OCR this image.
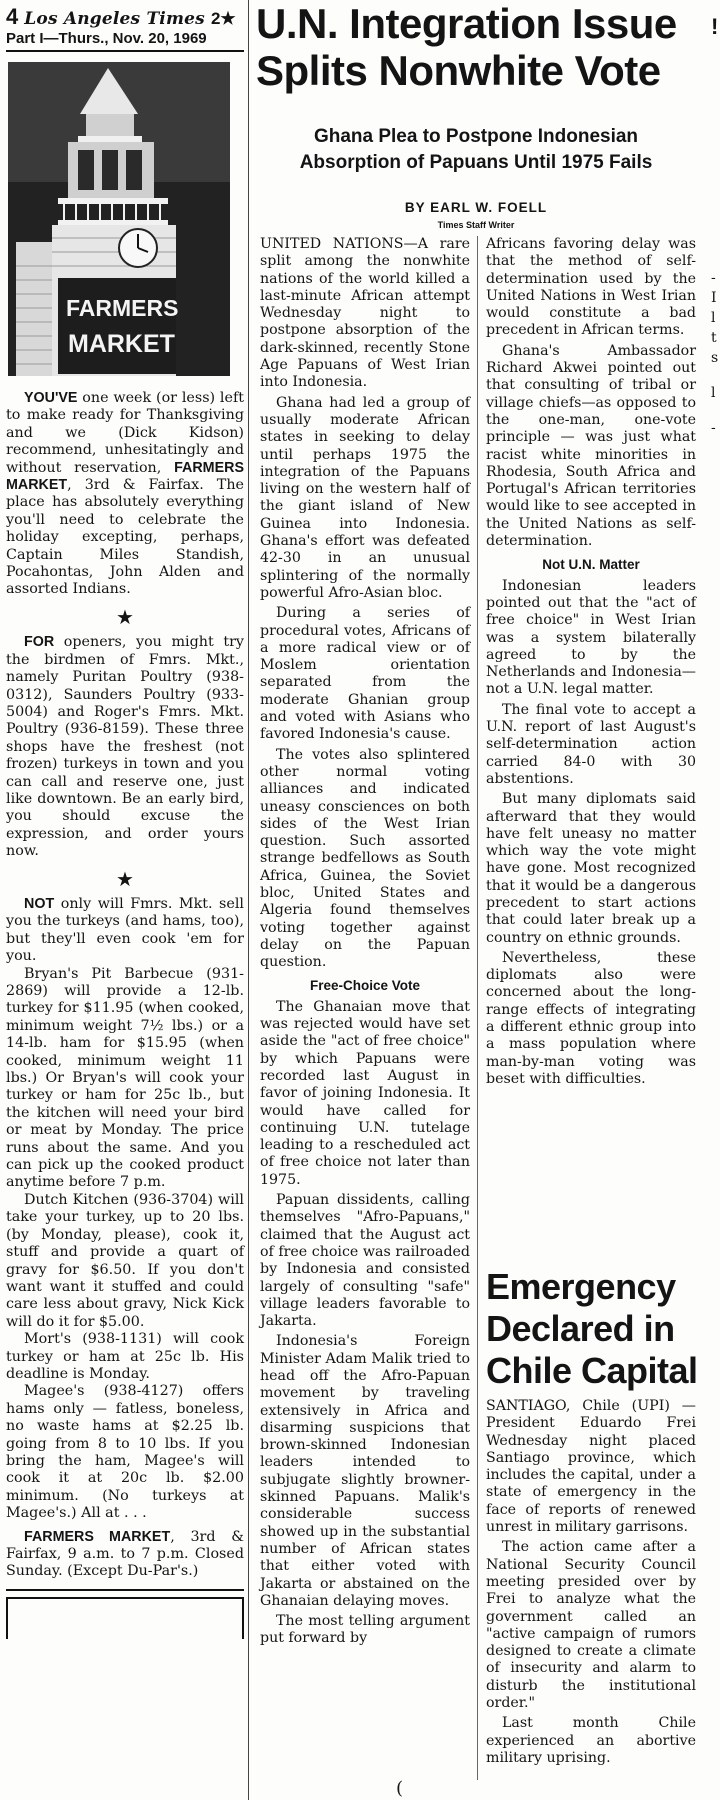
4 Los Angeles Times 2★
Part I—Thurs., Nov. 20, 1969
FARMERS
MARKET

YOU'VE one week (or less) left to make ready for Thanksgiving and we (Dick Kidson) recommend, unhesitatingly and without reservation, FARMERS MARKET, 3rd & Fairfax. The place has absolutely everything you'll need to celebrate the holiday excepting, perhaps, Captain Miles Standish, Pocahontas, John Alden and assorted Indians.

★

FOR openers, you might try the birdmen of Fmrs. Mkt., namely Puritan Poultry (938-0312), Saunders Poultry (933-5004) and Roger's Fmrs. Mkt. Poultry (936-8159). These three shops have the freshest (not frozen) turkeys in town and you can call and reserve one, just like downtown. Be an early bird, you should excuse the expression, and order yours now.

★

NOT only will Fmrs. Mkt. sell you the turkeys (and hams, too), but they'll even cook 'em for you.

Bryan's Pit Barbecue (931-2869) will provide a 12-lb. turkey for $11.95 (when cooked, minimum weight 7½ lbs.) or a 14-lb. ham for $15.95 (when cooked, minimum weight 11 lbs.) Or Bryan's will cook your turkey or ham for 25c lb., but the kitchen will need your bird or meat by Monday. The price runs about the same. And you can pick up the cooked product anytime before 7 p.m.

Dutch Kitchen (936-3704) will take your turkey, up to 20 lbs. (by Monday, please), cook it, stuff and provide a quart of gravy for $6.50. If you don't want want it stuffed and could care less about gravy, Nick Kick will do it for $5.00.

Mort's (938-1131) will cook turkey or ham at 25c lb. His deadline is Monday.

Magee's (938-4127) offers hams only — fatless, boneless, no waste hams at $2.25 lb. going from 8 to 10 lbs. If you bring the ham, Magee's will cook it at 20c lb. $2.00 minimum. (No turkeys at Magee's.) All at . . .

FARMERS MARKET, 3rd & Fairfax, 9 a.m. to 7 p.m. Closed Sunday. (Except Du-Par's.)

U.N. Integration Issue Splits Nonwhite Vote
Ghana Plea to Postpone Indonesian Absorption of Papuans Until 1975 Fails
BY EARL W. FOELL
Times Staff Writer

UNITED NATIONS—A rare split among the nonwhite nations of the world killed a last-minute African attempt Wednesday night to postpone absorption of the dark-skinned, recently Stone Age Papuans of West Irian into Indonesia.

Ghana had led a group of usually moderate African states in seeking to delay until perhaps 1975 the integration of the Papuans living on the western half of the giant island of New Guinea into Indonesia. Ghana's effort was defeated 42-30 in an unusual splintering of the normally powerful Afro-Asian bloc.

During a series of procedural votes, Africans of a more radical view or of Moslem orientation separated from the moderate Ghanian group and voted with Asians who favored Indonesia's cause.

The votes also splintered other normal voting alliances and indicated uneasy consciences on both sides of the West Irian question. Such assorted strange bedfellows as South Africa, Guinea, the Soviet bloc, United States and Algeria found themselves voting together against delay on the Papuan question.

Free-Choice Vote

The Ghanaian move that was rejected would have set aside the "act of free choice" by which Papuans were recorded last August in favor of joining Indonesia. It would have called for continuing U.N. tutelage leading to a rescheduled act of free choice not later than 1975.

Papuan dissidents, calling themselves "Afro-Papuans," claimed that the August act of free choice was railroaded by Indonesia and consisted largely of consulting "safe" village leaders favorable to Jakarta.

Indonesia's Foreign Minister Adam Malik tried to head off the Afro-Papuan movement by traveling extensively in Africa and disarming suspicions that brown-skinned Indonesian leaders intended to subjugate slightly browner-skinned Papuans. Malik's considerable success showed up in the substantial number of African states that either voted with Jakarta or abstained on the Ghanaian delaying moves.

The most telling argument put forward by

Africans favoring delay was that the method of self-determination used by the United Nations in West Irian would constitute a bad precedent in African terms.

Ghana's Ambassador Richard Akwei pointed out that consulting of tribal or village chiefs—as opposed to the one-man, one-vote principle — was just what racist white minorities in Rhodesia, South Africa and Portugal's African territories would like to see accepted in the United Nations as self-determination.

Not U.N. Matter

Indonesian leaders pointed out that the "act of free choice" in West Irian was a system bilaterally agreed to by the Netherlands and Indonesia—not a U.N. legal matter.

The final vote to accept a U.N. report of last August's self-determination action carried 84-0 with 30 abstentions.

But many diplomats said afterward that they would have felt uneasy no matter which way the vote might have gone. Most recognized that it would be a dangerous precedent to start actions that could later break up a country on ethnic grounds.

Nevertheless, these diplomats also were concerned about the long-range effects of integrating a different ethnic group into a mass population where man-by-man voting was beset with difficulties.

Emergency Declared in Chile Capital

SANTIAGO, Chile (UPI) —President Eduardo Frei Wednesday night placed Santiago province, which includes the capital, under a state of emergency in the face of reports of renewed unrest in military garrisons.

The action came after a National Security Council meeting presided over by Frei to analyze what the government called an "active campaign of rumors designed to create a climate of insecurity and alarm to disturb the institutional order."

Last month Chile experienced an abortive military uprising.

!
-
I
l
t
s
l
-
(
